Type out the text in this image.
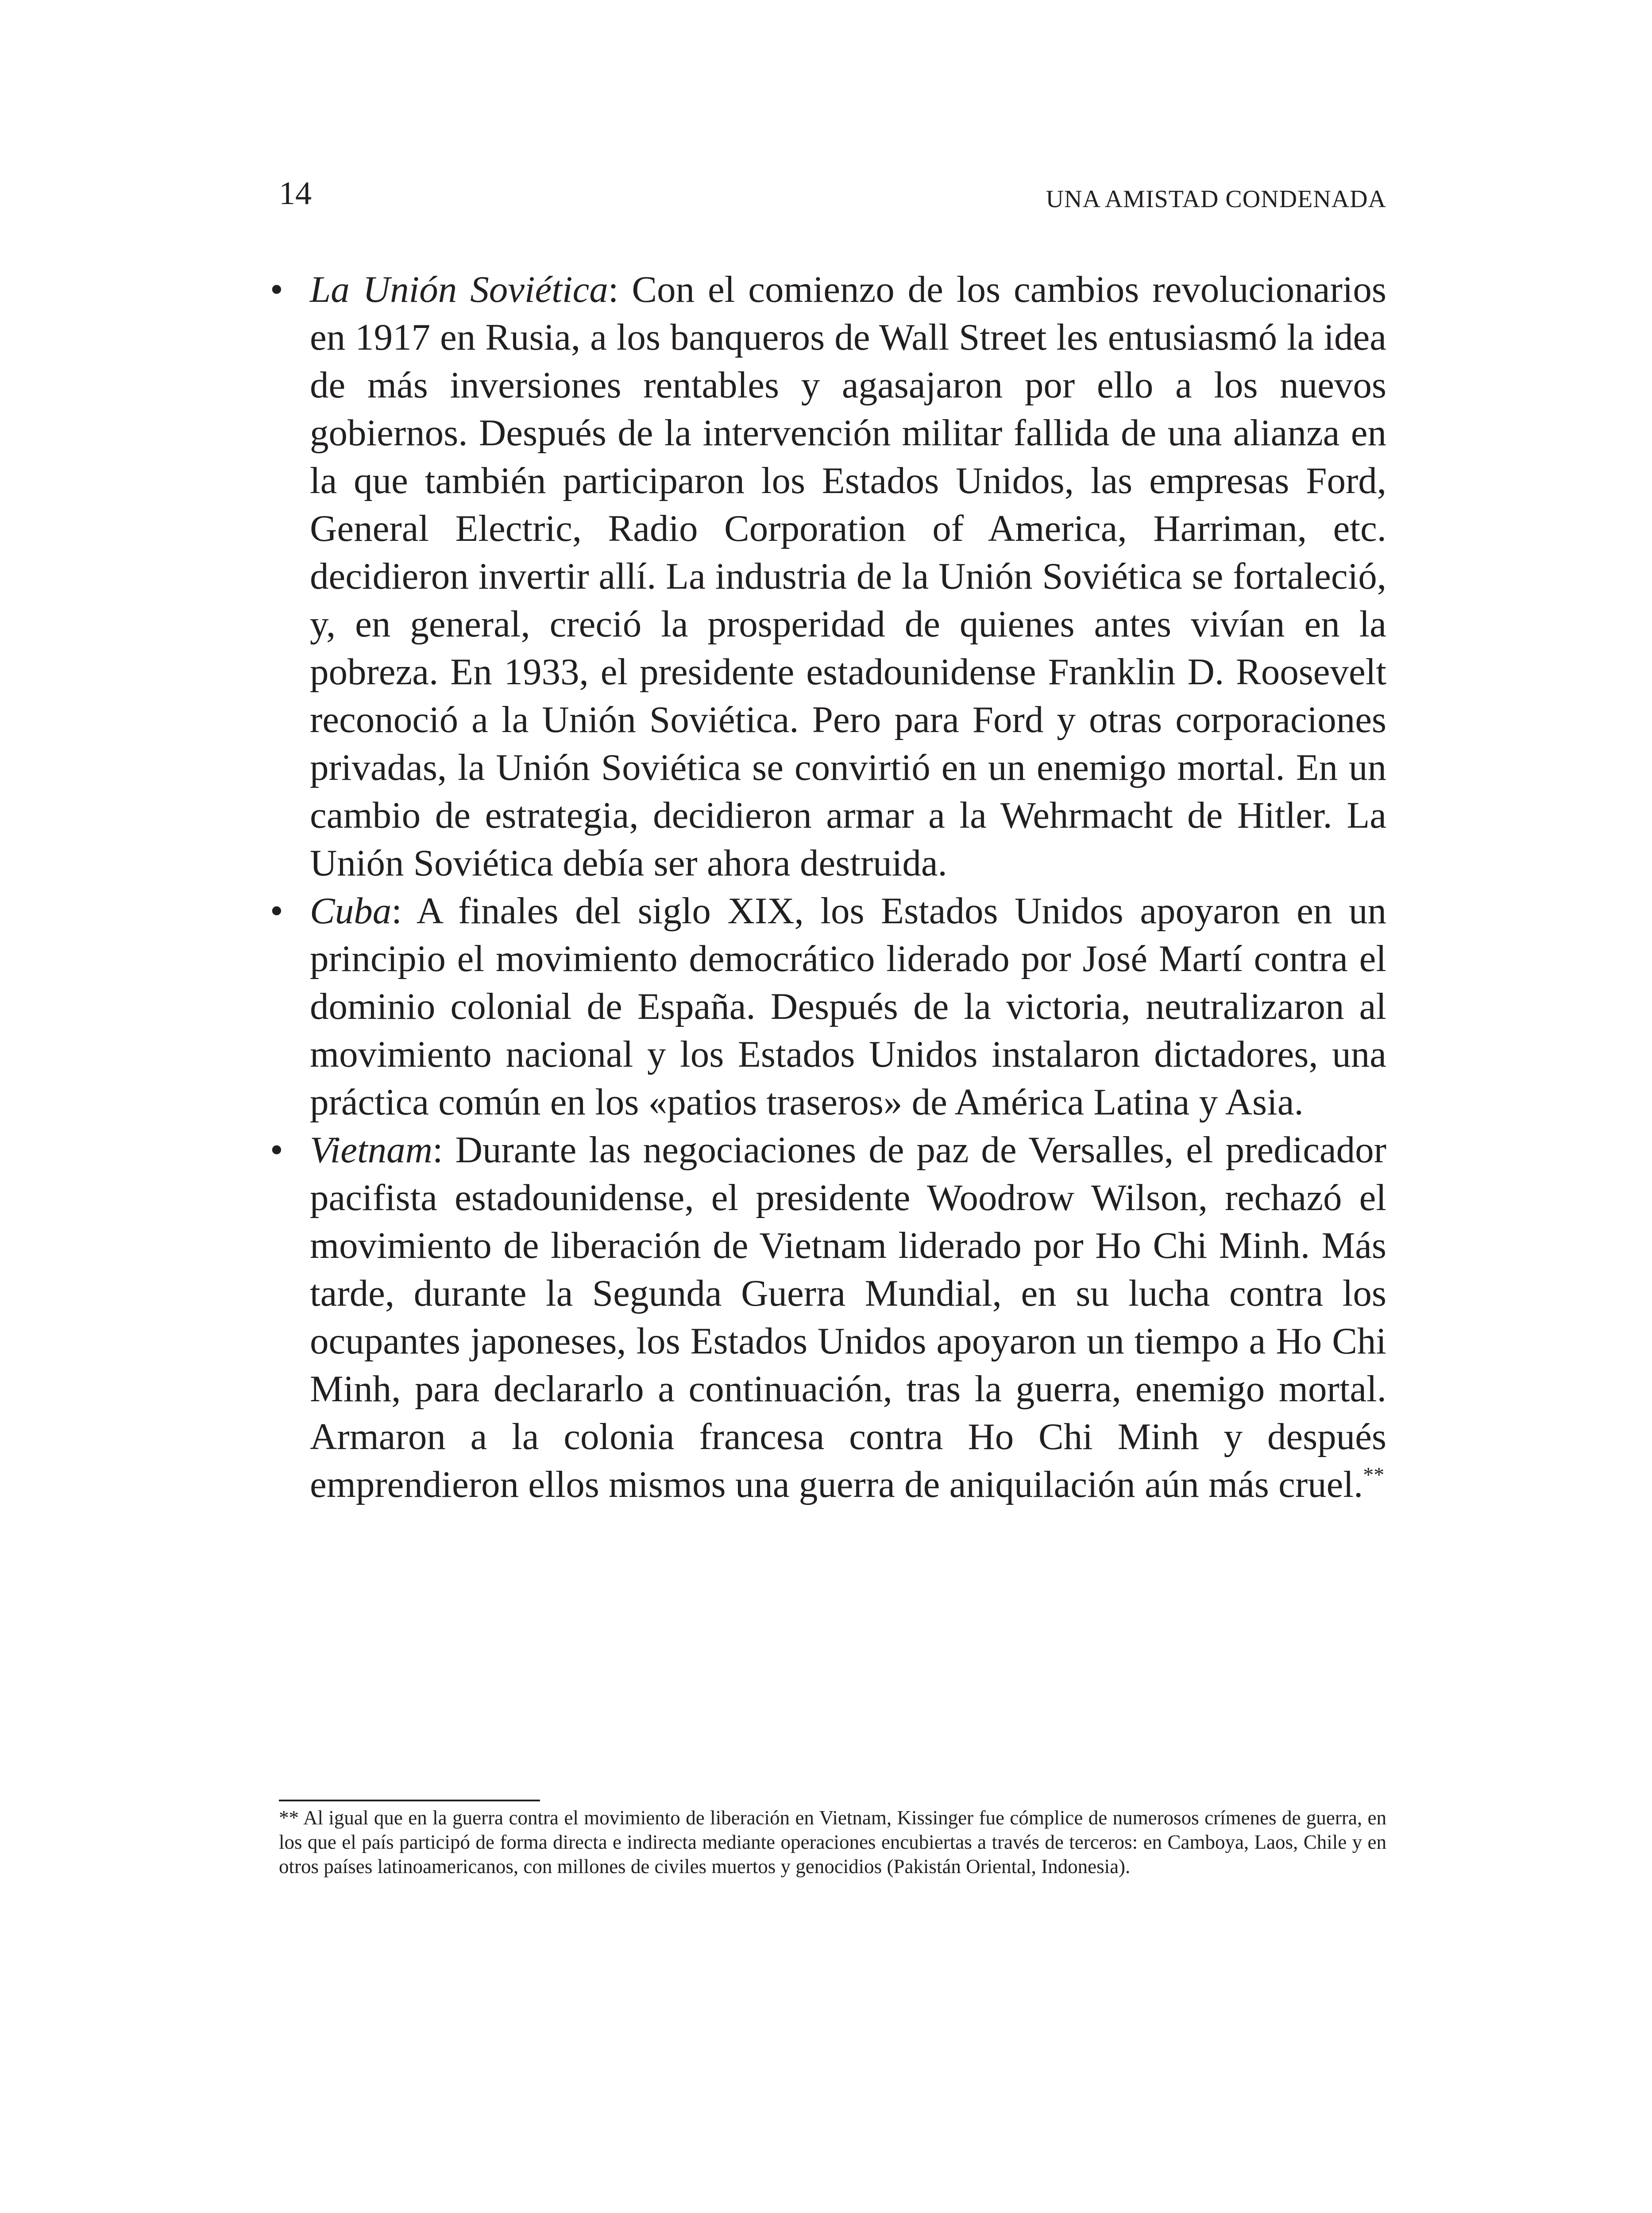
14	UNA AMISTAD CONDENADA
• La Unión Soviética: Con el comienzo de los cambios revolucionarios en 1917 en Rusia, a los banqueros de Wall Street les entusiasmó la idea de más inversiones rentables y agasajaron por ello a los nuevos gobiernos. Después de la intervención militar fallida de una alianza en la que también participaron los Estados Unidos, las empresas Ford, General Electric, Radio Corporation of America, Harriman, etc. decidieron invertir allí. La industria de la Unión Soviética se fortaleció, y, en general, creció la prosperidad de quienes antes vivían en la pobreza. En 1933, el presidente estadounidense Franklin D. Roosevelt reconoció a la Unión Soviética. Pero para Ford y otras corporaciones privadas, la Unión Soviética se convirtió en un enemigo mortal. En un cambio de estrategia, decidieron armar a la Wehrmacht de Hitler. La Unión Soviética debía ser ahora destruida.
• Cuba: A finales del siglo XIX, los Estados Unidos apoyaron en un principio el movimiento democrático liderado por José Martí contra el dominio colonial de España. Después de la victoria, neutralizaron al movimiento nacional y los Estados Unidos instalaron dictadores, una práctica común en los «patios traseros» de América Latina y Asia.
• Vietnam: Durante las negociaciones de paz de Versalles, el predicador pacifista estadounidense, el presidente Woodrow Wilson, rechazó el movimiento de liberación de Vietnam liderado por Ho Chi Minh. Más tarde, durante la Segunda Guerra Mundial, en su lucha contra los ocupantes japoneses, los Estados Unidos apoyaron un tiempo a Ho Chi Minh, para declararlo a continuación, tras la guerra, enemigo mortal. Armaron a la colonia francesa contra Ho Chi Minh y después emprendieron ellos mismos una guerra de aniquilación aún más cruel.**

** Al igual que en la guerra contra el movimiento de liberación en Vietnam, Kissinger fue cómplice de numerosos crímenes de guerra, en los que el país participó de forma directa e indirecta mediante operaciones encubiertas a través de terceros: en Camboya, Laos, Chile y en otros países latinoamericanos, con millones de civiles muertos y genocidios (Pakistán Oriental, Indonesia).
